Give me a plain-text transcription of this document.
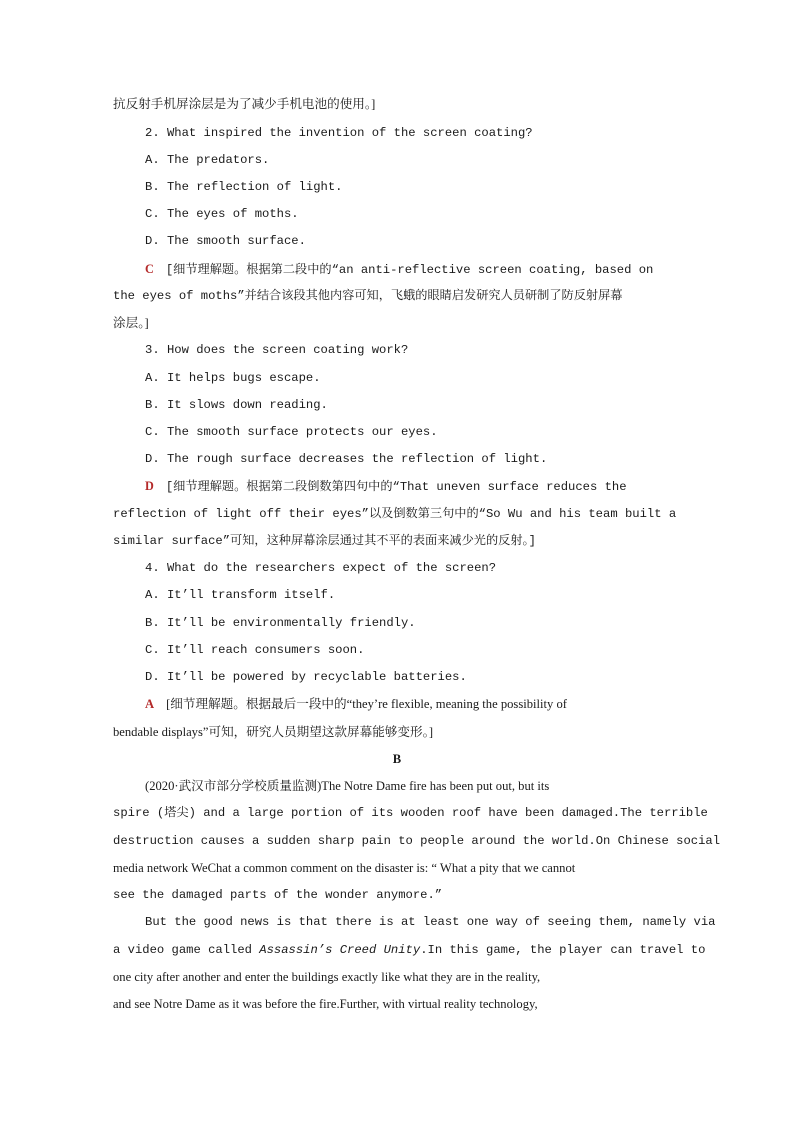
抗反射手机屏涂层是为了减少手机电池的使用。]
2. What inspired the invention of the screen coating?
A. The predators.
B. The reflection of light.
C. The eyes of moths.
D. The smooth surface.
C [细节理解题。根据第二段中的“an anti-reflective screen coating, based on
the eyes of moths”并结合该段其他内容可知，飞蛾的眼睛启发研究人员研制了防反射屏幕
涂层。]
3. How does the screen coating work?
A. It helps bugs escape.
B. It slows down reading.
C. The smooth surface protects our eyes.
D. The rough surface decreases the reflection of light.
D [细节理解题。根据第二段倒数第四句中的“That uneven surface reduces the
reflection of light off their eyes”以及倒数第三句中的“So Wu and his team built a
similar surface”可知，这种屏幕涂层通过其不平的表面来减少光的反射。]
4. What do the researchers expect of the screen?
A. It’ll transform itself.
B. It’ll be environmentally friendly.
C. It’ll reach consumers soon.
D. It’ll be powered by recyclable batteries.
A [细节理解题。根据最后一段中的“they’re flexible, meaning the possibility of
bendable displays”可知，研究人员期望这款屏幕能够变形。]
B
(2020·武汉市部分学校质量监测)The Notre Dame fire has been put out, but its
spire (塔尖) and a large portion of its wooden roof have been damaged.The terrible
destruction causes a sudden sharp pain to people around the world.On Chinese social
media network WeChat a common comment on the disaster is: “ What a pity that we cannot
see the damaged parts of the wonder anymore.”
But the good news is that there is at least one way of seeing them, namely via
a video game called Assassin’s Creed Unity.In this game, the player can travel to
one city after another and enter the buildings exactly like what they are in the reality,
and see Notre Dame as it was before the fire.Further, with virtual reality technology,
